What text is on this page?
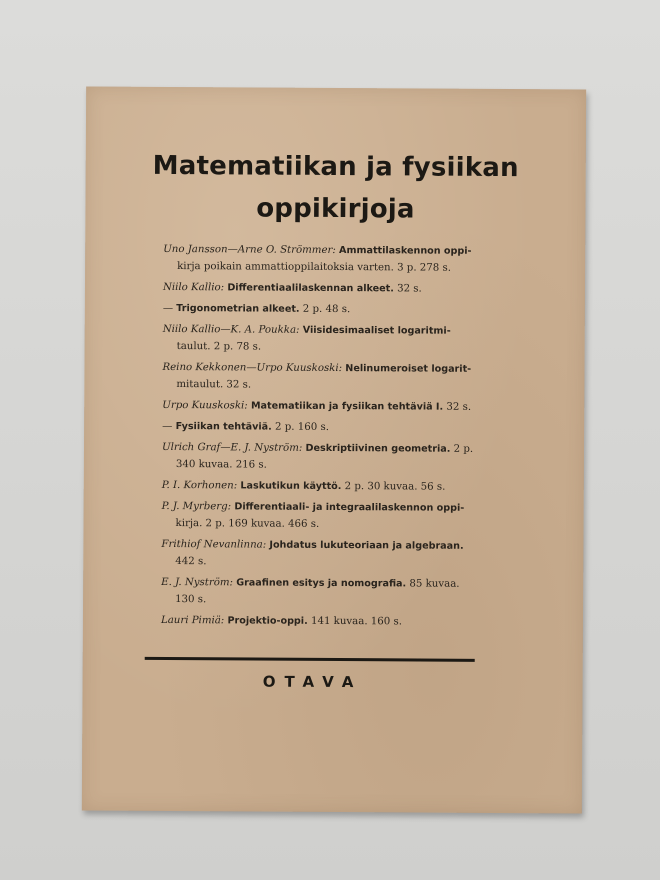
Matematiikan ja fysiikan
oppikirjoja
Uno Jansson—Arne O. Strömmer: Ammattilaskennon oppi-
kirja poikain ammattioppilaitoksia varten. 3 p. 278 s.
Niilo Kallio: Differentiaalilaskennan alkeet. 32 s.
— Trigonometrian alkeet. 2 p. 48 s.
Niilo Kallio—K. A. Poukka: Viisidesimaaliset logaritmi-
taulut. 2 p. 78 s.
Reino Kekkonen—Urpo Kuuskoski: Nelinumeroiset logarit-
mitaulut. 32 s.
Urpo Kuuskoski: Matematiikan ja fysiikan tehtäviä I. 32 s.
— Fysiikan tehtäviä. 2 p. 160 s.
Ulrich Graf—E. J. Nyström: Deskriptiivinen geometria. 2 p.
340 kuvaa. 216 s.
P. I. Korhonen: Laskutikun käyttö. 2 p. 30 kuvaa. 56 s.
P. J. Myrberg: Differentiaali- ja integraalilaskennon oppi-
kirja. 2 p. 169 kuvaa. 466 s.
Frithiof Nevanlinna: Johdatus lukuteoriaan ja algebraan.
442 s.
E. J. Nyström: Graafinen esitys ja nomografia. 85 kuvaa.
130 s.
Lauri Pimiä: Projektio-oppi. 141 kuvaa. 160 s.
OTAVA
